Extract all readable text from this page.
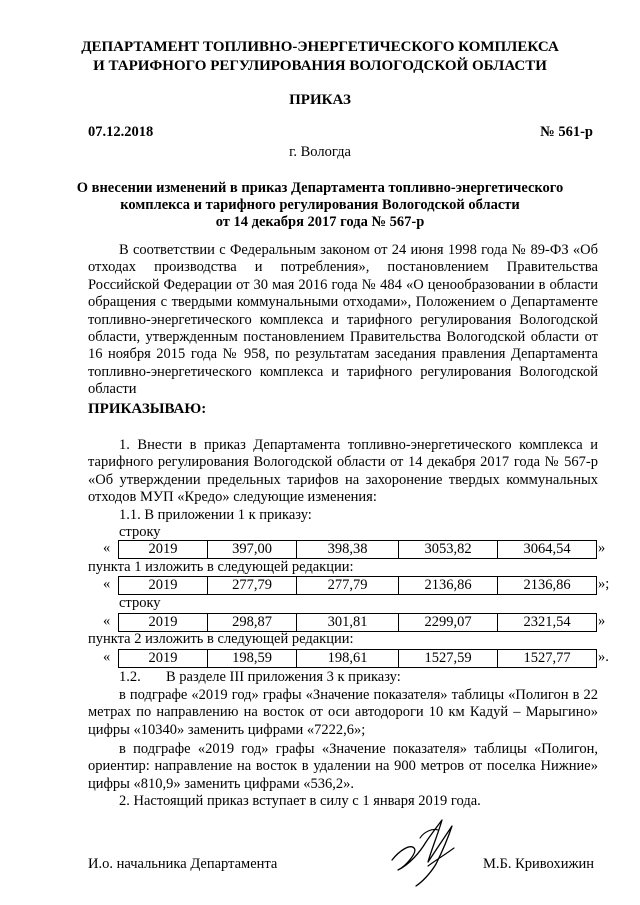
ДЕПАРТАМЕНТ ТОПЛИВНО-ЭНЕРГЕТИЧЕСКОГО КОМПЛЕКСА
И ТАРИФНОГО РЕГУЛИРОВАНИЯ ВОЛОГОДСКОЙ ОБЛАСТИ
ПРИКАЗ
07.12.2018	№ 561-р
г. Вологда
О внесении изменений в приказ Департамента топливно-энергетического
комплекса и тарифного регулирования Вологодской области
от 14 декабря 2017 года № 567-р
В соответствии с Федеральным законом от 24 июня 1998 года № 89-ФЗ «Об отходах производства и потребления», постановлением Правительства Российской Федерации от 30 мая 2016 года № 484 «О ценообразовании в области обращения с твердыми коммунальными отходами», Положением о Департаменте топливно-энергетического комплекса и тарифного регулирования Вологодской области, утвержденным постановлением Правительства Вологодской области от 16 ноября 2015 года № 958, по результатам заседания правления Департамента топливно-энергетического комплекса и тарифного регулирования Вологодской области
ПРИКАЗЫВАЮ:
1. Внести в приказ Департамента топливно-энергетического комплекса и тарифного регулирования Вологодской области от 14 декабря 2017 года № 567-р «Об утверждении предельных тарифов на захоронение твердых коммунальных отходов МУП «Кредо» следующие изменения:
1.1. В приложении 1 к приказу:
строку
«	2019	397,00	398,38	3053,82	3064,54 »
пункта 1 изложить в следующей редакции:
«	2019	277,79	277,79	2136,86	2136,86 »;
строку
«	2019	298,87	301,81	2299,07	2321,54 »
пункта 2 изложить в следующей редакции:
«	2019	198,59	198,61	1527,59	1527,77 ».
1.2. В разделе III приложения 3 к приказу:
в подграфе «2019 год» графы «Значение показателя» таблицы «Полигон в 22 метрах по направлению на восток от оси автодороги 10 км Кадуй – Марыгино» цифры «10340» заменить цифрами «7222,6»;
в подграфе «2019 год» графы «Значение показателя» таблицы «Полигон, ориентир: направление на восток в удалении на 900 метров от поселка Нижние» цифры «810,9» заменить цифрами «536,2».
2. Настоящий приказ вступает в силу с 1 января 2019 года.
И.о. начальника Департамента	М.Б. Кривохижин
